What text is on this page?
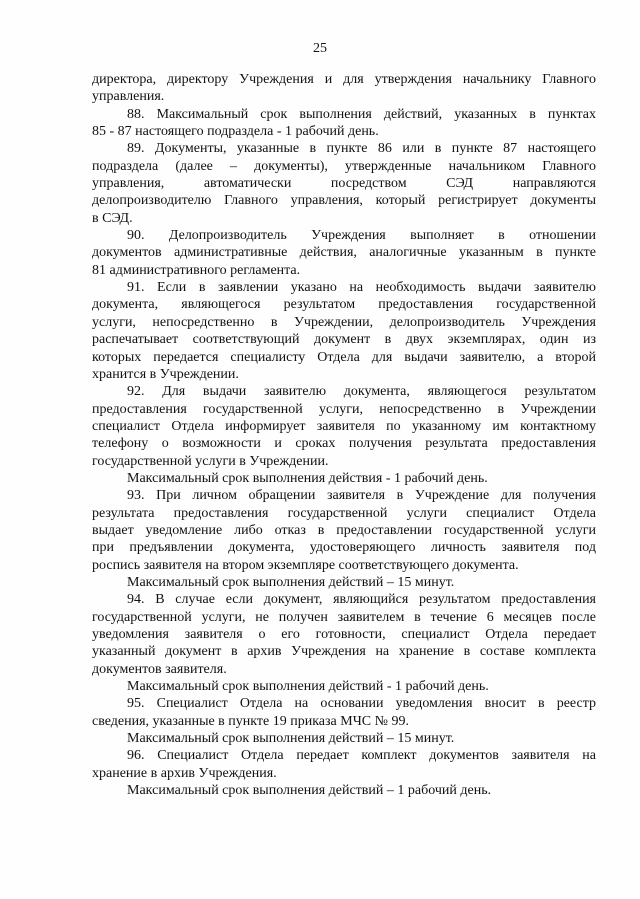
25
директора, директору Учреждения и для утверждения начальнику Главного
управления.
88. Максимальный срок выполнения действий, указанных в пунктах
85 - 87 настоящего подраздела - 1 рабочий день.
89. Документы, указанные в пункте 86 или в пункте 87 настоящего
подраздела (далее – документы), утвержденные начальником Главного
управления, автоматически посредством СЭД направляются
делопроизводителю Главного управления, который регистрирует документы
в СЭД.
90. Делопроизводитель Учреждения выполняет в отношении
документов административные действия, аналогичные указанным в пункте
81 административного регламента.
91. Если в заявлении указано на необходимость выдачи заявителю
документа, являющегося результатом предоставления государственной
услуги, непосредственно в Учреждении, делопроизводитель Учреждения
распечатывает соответствующий документ в двух экземплярах, один из
которых передается специалисту Отдела для выдачи заявителю, а второй
хранится в Учреждении.
92. Для выдачи заявителю документа, являющегося результатом
предоставления государственной услуги, непосредственно в Учреждении
специалист Отдела информирует заявителя по указанному им контактному
телефону о возможности и сроках получения результата предоставления
государственной услуги в Учреждении.
Максимальный срок выполнения действия - 1 рабочий день.
93. При личном обращении заявителя в Учреждение для получения
результата предоставления государственной услуги специалист Отдела
выдает уведомление либо отказ в предоставлении государственной услуги
при предъявлении документа, удостоверяющего личность заявителя под
роспись заявителя на втором экземпляре соответствующего документа.
Максимальный срок выполнения действий – 15 минут.
94. В случае если документ, являющийся результатом предоставления
государственной услуги, не получен заявителем в течение 6 месяцев после
уведомления заявителя о его готовности, специалист Отдела передает
указанный документ в архив Учреждения на хранение в составе комплекта
документов заявителя.
Максимальный срок выполнения действий - 1 рабочий день.
95. Специалист Отдела на основании уведомления вносит в реестр
сведения, указанные в пункте 19 приказа МЧС № 99.
Максимальный срок выполнения действий – 15 минут.
96. Специалист Отдела передает комплект документов заявителя на
хранение в архив Учреждения.
Максимальный срок выполнения действий – 1 рабочий день.
